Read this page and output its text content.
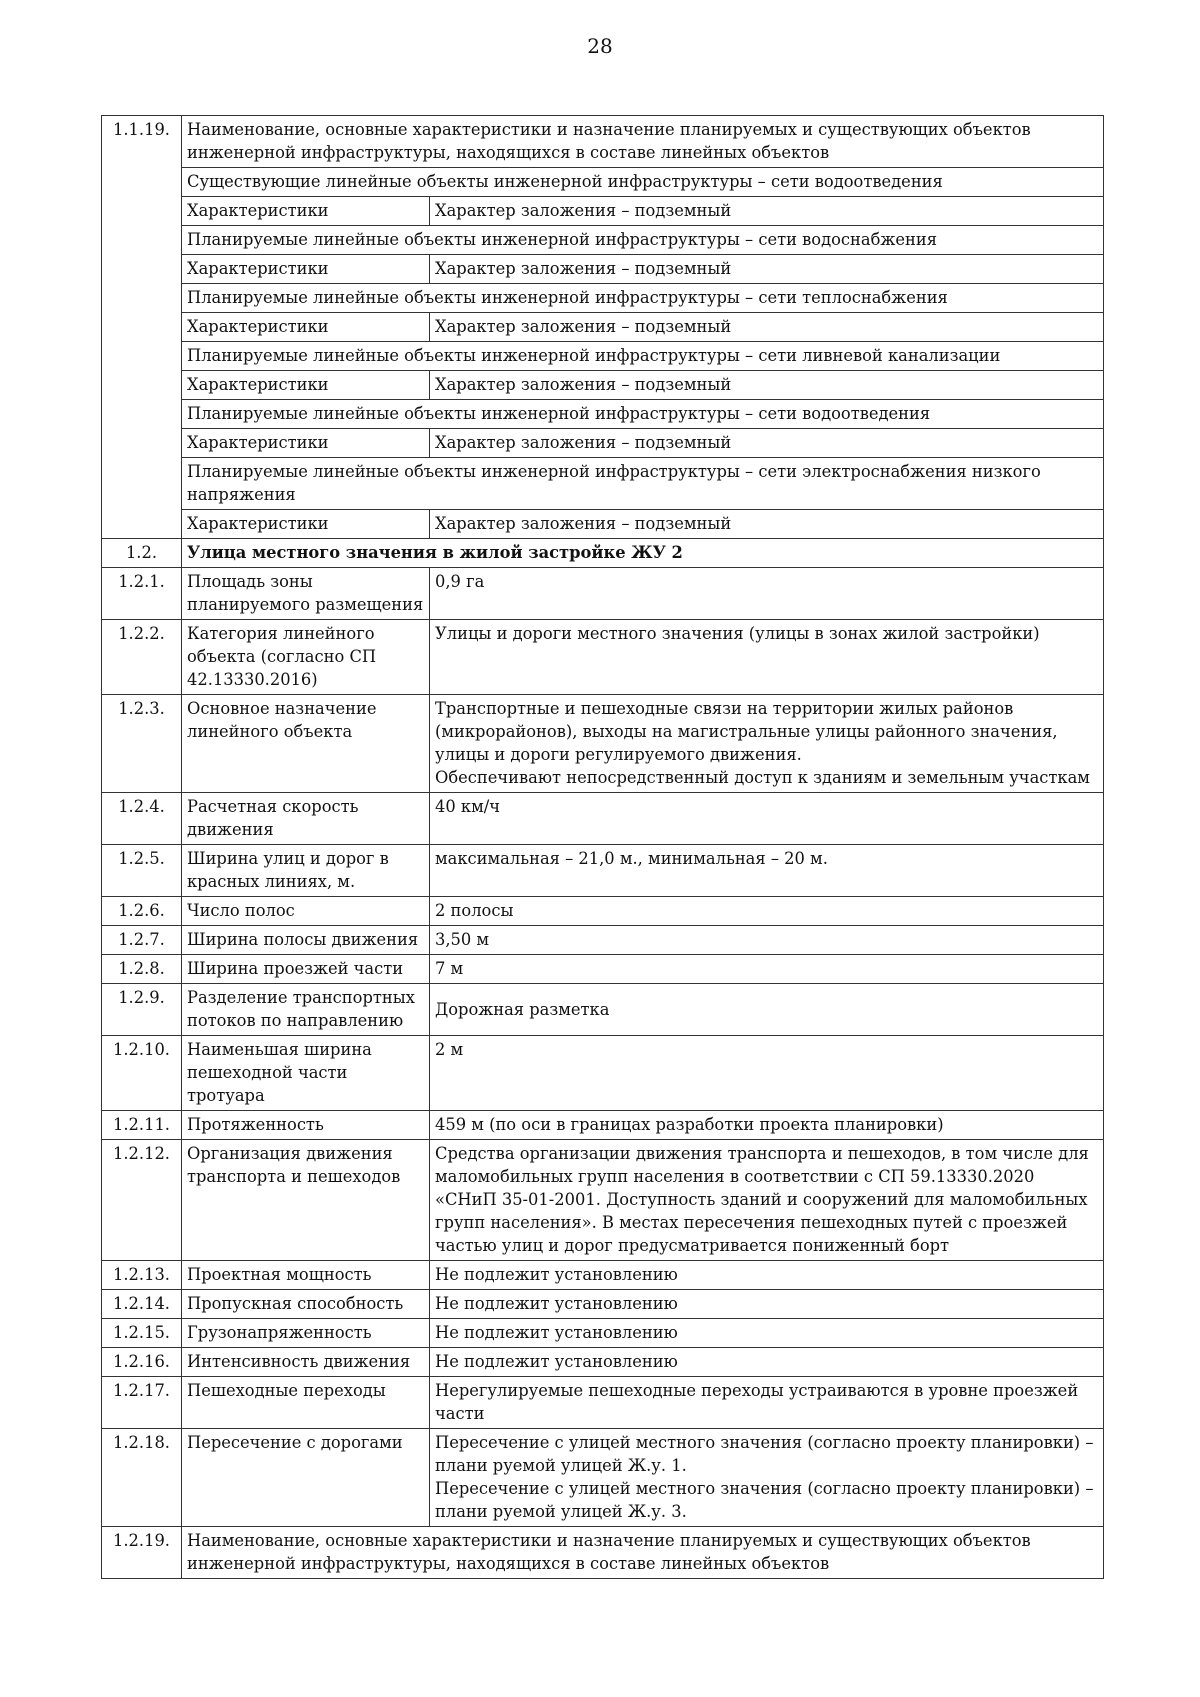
28
1.1.19.	Наименование, основные характеристики и назначение планируемых и существующих объектов инженерной инфраструктуры, находящихся в составе линейных объектов	
	Существующие линейные объекты инженерной инфраструктуры – сети водоотведения	
	Характеристики	Характер заложения – подземный
	Планируемые линейные объекты инженерной инфраструктуры – сети водоснабжения	
	Характеристики	Характер заложения – подземный
	Планируемые линейные объекты инженерной инфраструктуры – сети теплоснабжения	
	Характеристики	Характер заложения – подземный
	Планируемые линейные объекты инженерной инфраструктуры – сети ливневой канализации	
	Характеристики	Характер заложения – подземный
	Планируемые линейные объекты инженерной инфраструктуры – сети водоотведения	
	Характеристики	Характер заложения – подземный
	Планируемые линейные объекты инженерной инфраструктуры – сети электроснабжения низкого напряжения	
	Характеристики	Характер заложения – подземный
1.2.	Улица местного значения в жилой застройке ЖУ 2	
1.2.1.	Площадь зоны планируемого размещения	0,9 га

1.2.2.	Категория линейного объекта (согласно СП 42.13330.2016)	Улицы и дороги местного значения (улицы в зонах жилой застройки)

1.2.3.	Основное назначение линейного объекта	Транспортные и пешеходные связи на территории жилых районов (микрорайонов), выходы на магистральные улицы районного значения, улицы и дороги регулируемого движения.
Обеспечивают непосредственный доступ к зданиям и земельным участкам

1.2.4.	Расчетная скорость движения	40 км/ч

1.2.5.	Ширина улиц и дорог в красных линиях, м.	максимальная – 21,0 м., минимальная – 20 м.

1.2.6.	Число полос	2 полосы

1.2.7.	Ширина полосы движения	3,50 м

1.2.8.	Ширина проезжей части	7 м

1.2.9.	Разделение транспортных потоков по направлению	Дорожная разметка

1.2.10.	Наименьшая ширина пешеходной части тротуара	2 м

1.2.11.	Протяженность	459 м (по оси в границах разработки проекта планировки)

1.2.12.	Организация движения транспорта и пешеходов	Средства организации движения транспорта и пешеходов, в том числе для маломобильных групп населения в соответствии с СП 59.13330.2020 «СНиП 35-01-2001. Доступность зданий и сооружений для маломобильных групп населения». В местах пересечения пешеходных путей с проезжей частью улиц и дорог предусматривается пониженный борт

1.2.13.	Проектная мощность	Не подлежит установлению

1.2.14.	Пропускная способность	Не подлежит установлению

1.2.15.	Грузонапряженность	Не подлежит установлению

1.2.16.	Интенсивность движения	Не подлежит установлению

1.2.17.	Пешеходные переходы	Нерегулируемые пешеходные переходы устраиваются в уровне проезжей части

1.2.18.	Пересечение с дорогами	Пересечение с улицей местного значения (согласно проекту планировки) – плани руемой улицей Ж.у. 1.
Пересечение с улицей местного значения (согласно проекту планировки) – плани руемой улицей Ж.у. 3.

1.2.19.	Наименование, основные характеристики и назначение планируемых и существующих объектов инженерной инфраструктуры, находящихся в составе линейных объектов	
